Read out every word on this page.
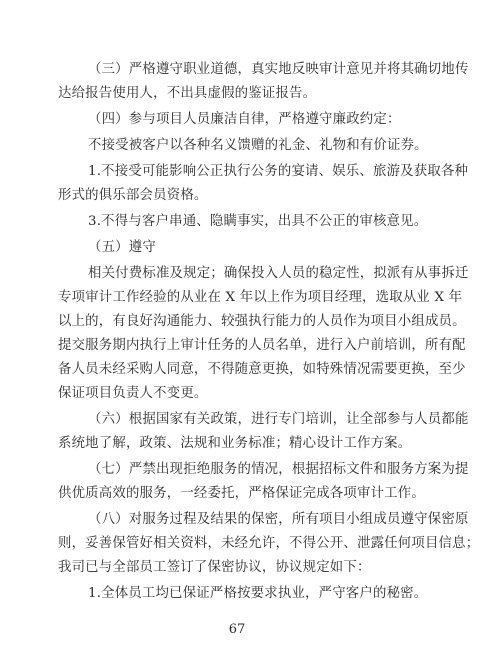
（三）严格遵守职业道德，真实地反映审计意见并将其确切地传
达给报告使用人，不出具虚假的鉴证报告。
（四）参与项目人员廉洁自律，严格遵守廉政约定：
不接受被客户以各种名义馈赠的礼金、礼物和有价证券。
1.不接受可能影响公正执行公务的宴请、娱乐、旅游及获取各种
形式的俱乐部会员资格。
3.不得与客户串通、隐瞒事实，出具不公正的审核意见。
（五）遵守
相关付费标准及规定；确保投入人员的稳定性，拟派有从事拆迁
专项审计工作经验的从业在 X 年以上作为项目经理，选取从业 X 年
以上的，有良好沟通能力、较强执行能力的人员作为项目小组成员。
提交服务期内执行上审计任务的人员名单，进行入户前培训，所有配
备人员未经采购人同意，不得随意更换，如特殊情况需要更换，至少
保证项目负责人不变更。
（六）根据国家有关政策，进行专门培训，让全部参与人员都能
系统地了解，政策、法规和业务标准；精心设计工作方案。
（七）严禁出现拒绝服务的情况，根据招标文件和服务方案为提
供优质高效的服务，一经委托，严格保证完成各项审计工作。
（八）对服务过程及结果的保密，所有项目小组成员遵守保密原
则，妥善保管好相关资料，未经允许，不得公开、泄露任何项目信息；
我司已与全部员工签订了保密协议，协议规定如下：
1.全体员工均已保证严格按要求执业，严守客户的秘密。
67
